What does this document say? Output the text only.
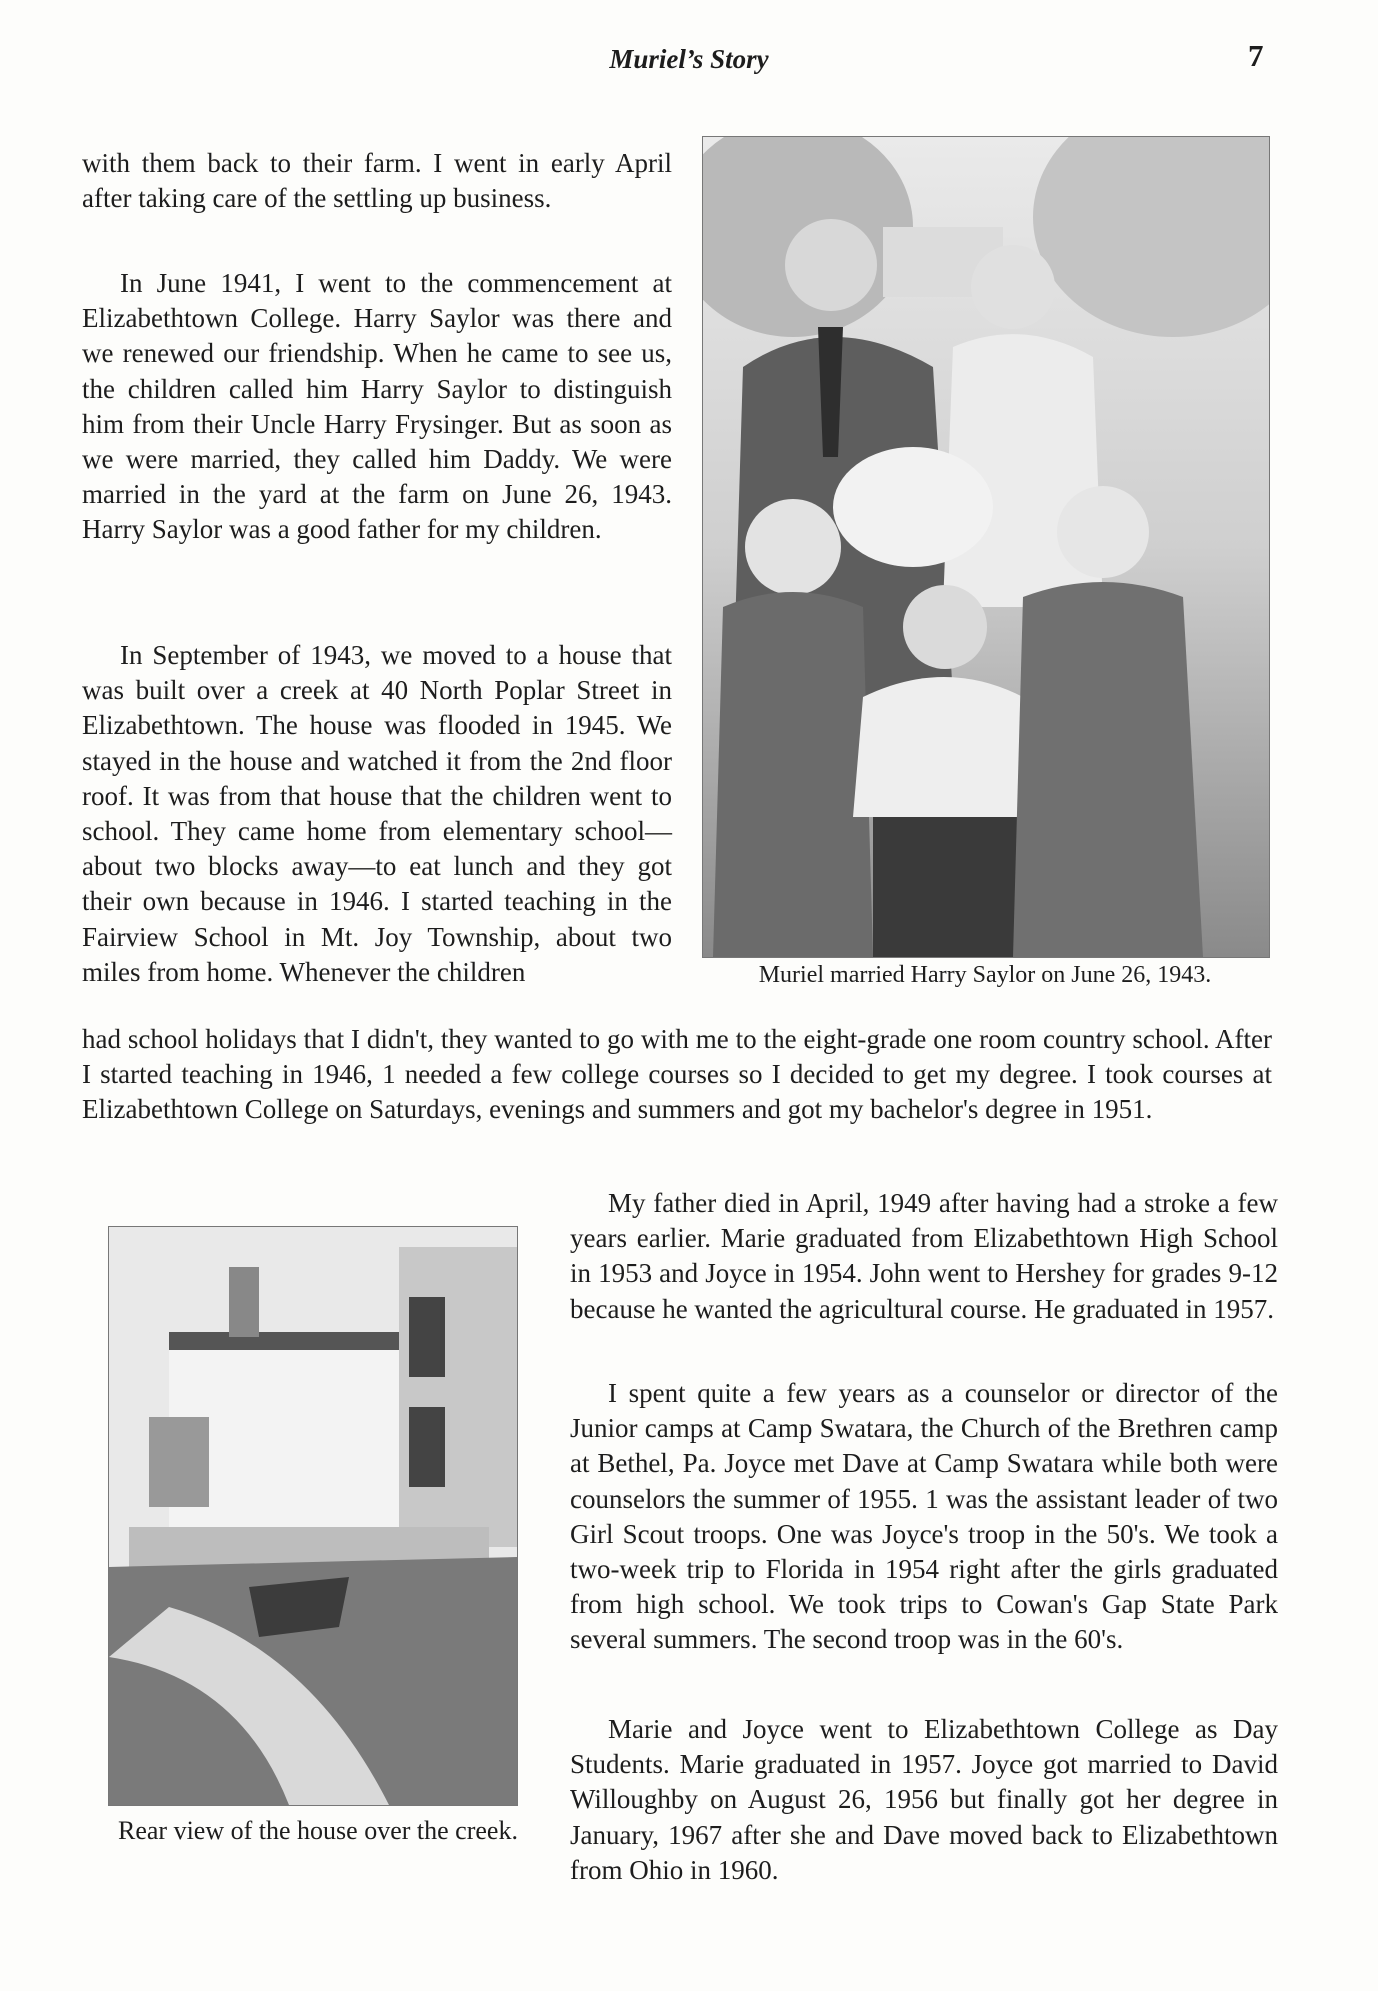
Muriel’s Story	7

with them back to their farm. I went in early April after taking care of the settling up business.

In June 1941, I went to the commencement at Elizabethtown College. Harry Saylor was there and we renewed our friendship. When he came to see us, the children called him Harry Saylor to distinguish him from their Uncle Harry Frysinger. But as soon as we were married, they called him Daddy. We were married in the yard at the farm on June 26, 1943. Harry Saylor was a good father for my children.

In September of 1943, we moved to a house that was built over a creek at 40 North Poplar Street in Elizabethtown. The house was flooded in 1945. We stayed in the house and watched it from the 2nd floor roof. It was from that house that the children went to school. They came home from elementary school—about two blocks away—to eat lunch and they got their own because in 1946. I started teaching in the Fairview School in Mt. Joy Township, about two miles from home. Whenever the children

had school holidays that I didn't, they wanted to go with me to the eight-grade one room country school. After I started teaching in 1946, 1 needed a few college courses so I decided to get my degree. I took courses at Elizabethtown College on Saturdays, evenings and summers and got my bachelor's degree in 1951.

Muriel married Harry Saylor on June 26, 1943.
Rear view of the house over the creek.

My father died in April, 1949 after having had a stroke a few years earlier. Marie graduated from Elizabethtown High School in 1953 and Joyce in 1954. John went to Hershey for grades 9-12 because he wanted the agricultural course. He graduated in 1957.

I spent quite a few years as a counselor or director of the Junior camps at Camp Swatara, the Church of the Brethren camp at Bethel, Pa. Joyce met Dave at Camp Swatara while both were counselors the summer of 1955. 1 was the assistant leader of two Girl Scout troops. One was Joyce's troop in the 50's. We took a two-week trip to Florida in 1954 right after the girls graduated from high school. We took trips to Cowan's Gap State Park several summers. The second troop was in the 60's.

Marie and Joyce went to Elizabethtown College as Day Students. Marie graduated in 1957. Joyce got married to David Willoughby on August 26, 1956 but finally got her degree in January, 1967 after she and Dave moved back to Elizabethtown from Ohio in 1960.
